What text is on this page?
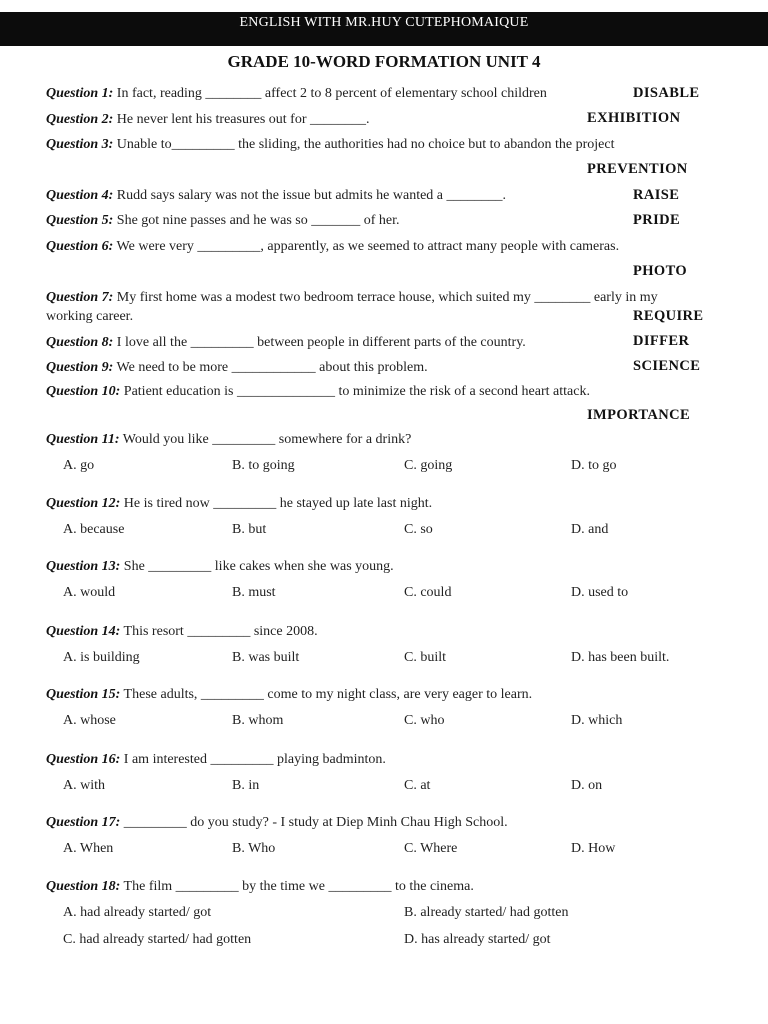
ENGLISH WITH MR.HUY CUTEPHOMAIQUE
GRADE 10-WORD FORMATION UNIT 4
Question 1: In fact, reading ________ affect 2 to 8 percent of elementary school children	DISABLE
Question 2: He never lent his treasures out for ________.	EXHIBITION
Question 3: Unable to_________ the sliding, the authorities had no choice but to abandon the project
PREVENTION
Question 4: Rudd says salary was not the issue but admits he wanted a ________.	RAISE
Question 5: She got nine passes and he was so _______ of her.	PRIDE
Question 6: We were very _________, apparently, as we seemed to attract many people with cameras.
PHOTO
Question 7: My first home was a modest two bedroom terrace house, which suited my ________ early in my
working career.	REQUIRE
Question 8: I love all the _________ between people in different parts of the country.	DIFFER
Question 9: We need to be more ____________ about this problem.	SCIENCE
Question 10: Patient education is ______________ to minimize the risk of a second heart attack.
IMPORTANCE
Question 11: Would you like _________ somewhere for a drink?
A. go	B. to going	C. going	D. to go
Question 12: He is tired now _________ he stayed up late last night.
A. because	B. but	C. so	D. and
Question 13: She _________ like cakes when she was young.
A. would	B. must	C. could	D. used to
Question 14: This resort _________ since 2008.
A. is building	B. was built	C. built	D. has been built.
Question 15: These adults, _________ come to my night class, are very eager to learn.
A. whose	B. whom	C. who	D. which
Question 16: I am interested _________ playing badminton.
A. with	B. in	C. at	D. on
Question 17: _________ do you study? - I study at Diep Minh Chau High School.
A. When	B. Who	C. Where	D. How
Question 18: The film _________ by the time we _________ to the cinema.
A. had already started/ got	B. already started/ had gotten
C. had already started/ had gotten	D. has already started/ got
